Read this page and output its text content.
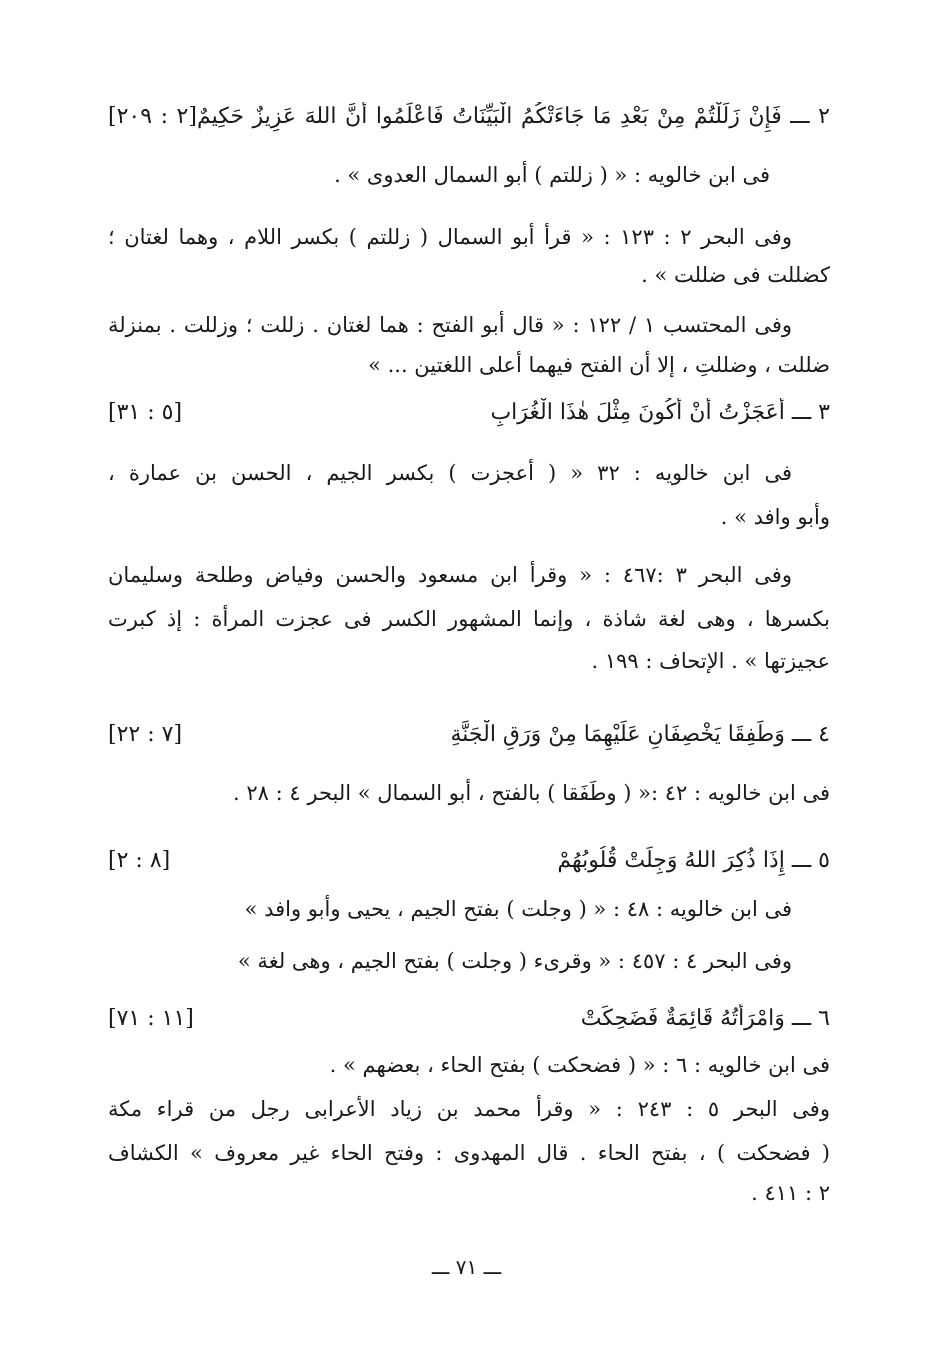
٢ ـــ فَإِنْ زَلَلْتُمْ مِنْ بَعْدِ مَا جَاءَتْكُمُ الْبَيِّنَاتُ فَاعْلَمُوا أَنَّ اللهَ عَزِيزٌ حَكِيمٌ[٢ : ٢٠٩]
فى ابن خالويه : « ( زللتم ) أبو السمال العدوى » .
وفى البحر ٢ : ١٢٣ : « قرأ أبو السمال ( زللتم ) بكسر اللام ، وهما لغتان ؛
كضللت فى ضللت » .
وفى المحتسب ١ / ١٢٢ : « قال أبو الفتح : هما لغتان . زللت ؛ وزللت . بمنزلة
ضللت ، وضللتِ ، إلا أن الفتح فيهما أعلى اللغتين ... »
٣ ـــ أَعَجَزْتُ أَنْ أَكُونَ مِثْلَ هٰذَا الْغُرَابِ
[٥ : ٣١]
فى ابن خالويه : ٣٢ « ( أعجزت ) بكسر الجيم ، الحسن بن عمارة ،
وأبو وافد » .
وفى البحر ٣ :٤٦٧ : « وقرأ ابن مسعود والحسن وفياض وطلحة وسليمان
بكسرها ، وهى لغة شاذة ، وإنما المشهور الكسر فى عجزت المرأة : إذ كبرت
عجيزتها » . الإتحاف : ١٩٩ .
٤ ـــ وَطَفِقَا يَخْصِفَانِ عَلَيْهِمَا مِنْ وَرَقِ الْجَنَّةِ
[٧ : ٢٢]
فى ابن خالويه : ٤٢ :« ( وطَفَقا ) بالفتح ، أبو السمال » البحر ٤ : ٢٨ .
٥ ـــ إِذَا ذُكِرَ اللهُ وَجِلَتْ قُلُوبُهُمْ
[٨ : ٢]
فى ابن خالويه : ٤٨ : « ( وجلت ) بفتح الجيم ، يحيى وأبو وافد »
وفى البحر ٤ : ٤٥٧ : « وقرىء ( وجلت ) بفتح الجيم ، وهى لغة »
٦ ـــ وَامْرَأَتُهُ قَائِمَةٌ فَضَحِكَتْ
[١١ : ٧١]
فى ابن خالويه : ٦ : « ( فضحكت ) بفتح الحاء ، بعضهم » .
وفى البحر ٥ : ٢٤٣ : « وقرأ محمد بن زياد الأعرابى رجل من قراء مكة
( فضحكت ) ، بفتح الحاء . قال المهدوى : وفتح الحاء غير معروف » الكشاف
٢ : ٤١١ .
ـــ ٧١ ـــ
